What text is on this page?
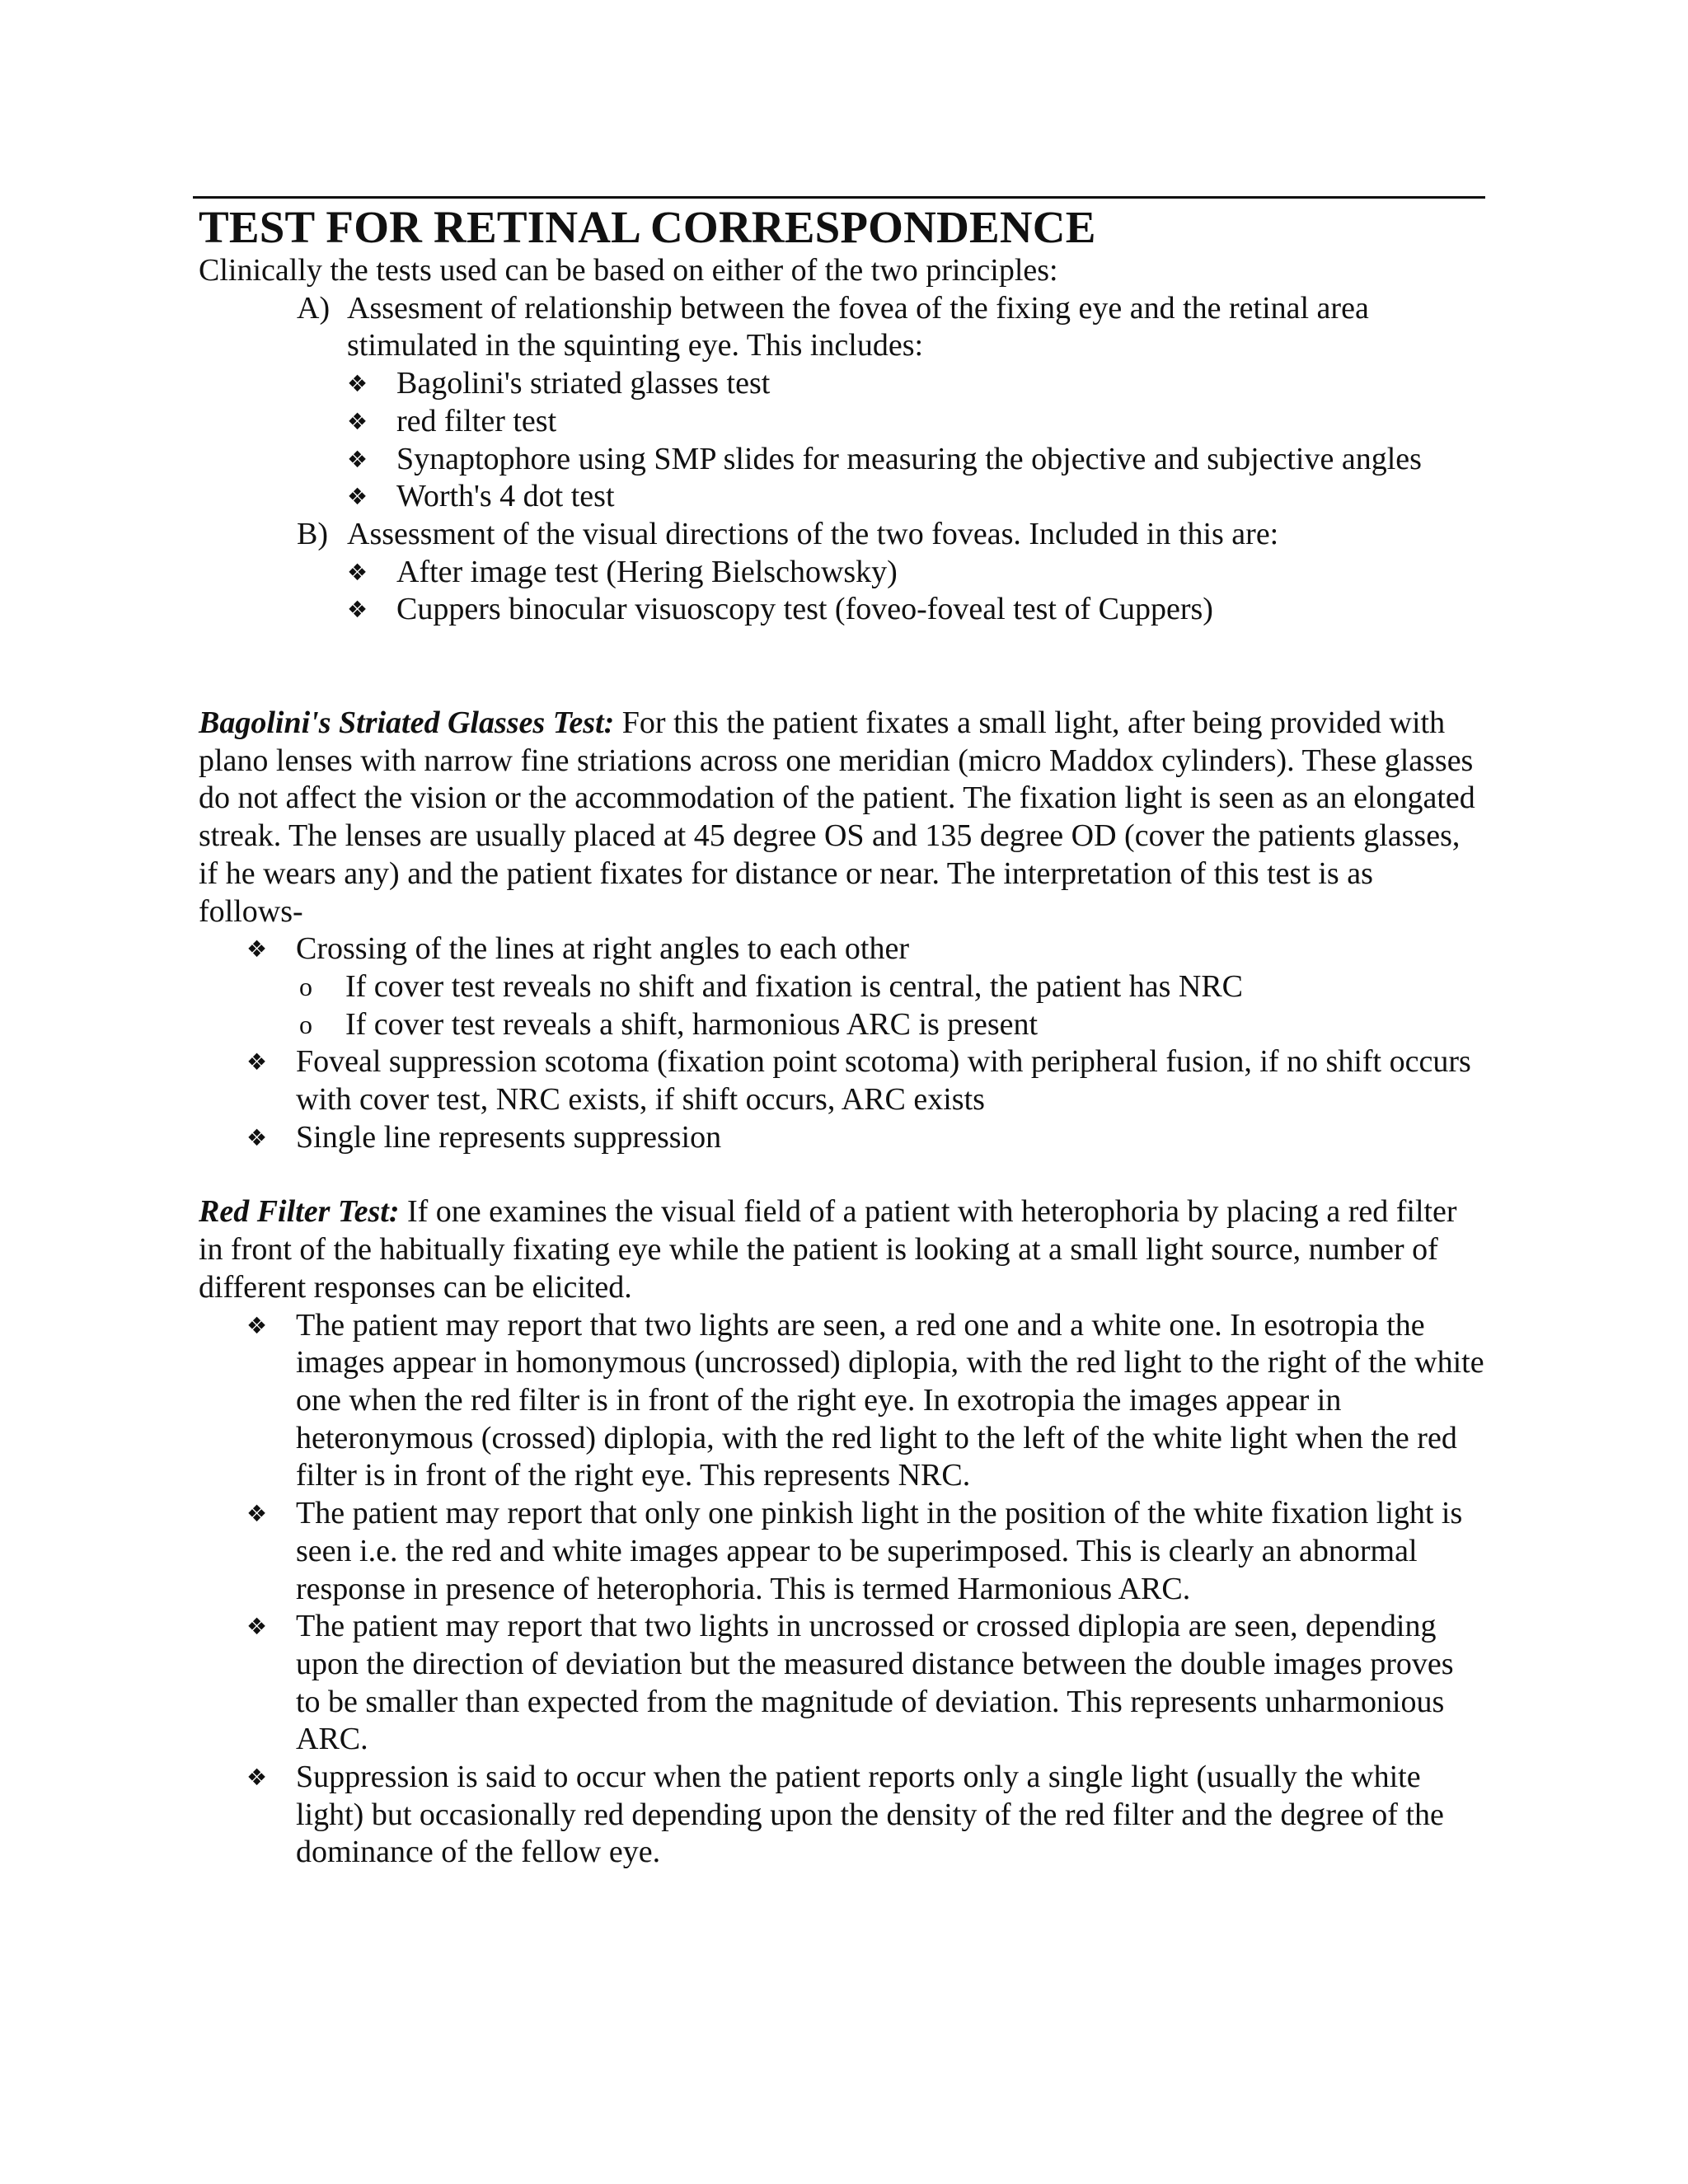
TEST FOR RETINAL CORRESPONDENCE

Clinically the tests used can be based on either of the two principles:

A) Assesment of relationship between the fovea of the fixing eye and the retinal area stimulated in the squinting eye. This includes:
❖ Bagolini's striated glasses test
❖ red filter test
❖ Synaptophore using SMP slides for measuring the objective and subjective angles
❖ Worth's 4 dot test
B) Assessment of the visual directions of the two foveas. Included in this are:
❖ After image test (Hering Bielschowsky)
❖ Cuppers binocular visuoscopy test (foveo-foveal test of Cuppers)

Bagolini's Striated Glasses Test: For this the patient fixates a small light, after being provided with plano lenses with narrow fine striations across one meridian (micro Maddox cylinders). These glasses do not affect the vision or the accommodation of the patient. The fixation light is seen as an elongated streak. The lenses are usually placed at 45 degree OS and 135 degree OD (cover the patients glasses, if he wears any) and the patient fixates for distance or near. The interpretation of this test is as follows-

❖ Crossing of the lines at right angles to each other
o If cover test reveals no shift and fixation is central, the patient has NRC
o If cover test reveals a shift, harmonious ARC is present
❖ Foveal suppression scotoma (fixation point scotoma) with peripheral fusion, if no shift occurs with cover test, NRC exists, if shift occurs, ARC exists
❖ Single line represents suppression

Red Filter Test: If one examines the visual field of a patient with heterophoria by placing a red filter in front of the habitually fixating eye while the patient is looking at a small light source, number of different responses can be elicited.

❖ The patient may report that two lights are seen, a red one and a white one. In esotropia the images appear in homonymous (uncrossed) diplopia, with the red light to the right of the white one when the red filter is in front of the right eye. In exotropia the images appear in heteronymous (crossed) diplopia, with the red light to the left of the white light when the red filter is in front of the right eye. This represents NRC.
❖ The patient may report that only one pinkish light in the position of the white fixation light is seen i.e. the red and white images appear to be superimposed. This is clearly an abnormal response in presence of heterophoria. This is termed Harmonious ARC.
❖ The patient may report that two lights in uncrossed or crossed diplopia are seen, depending upon the direction of deviation but the measured distance between the double images proves to be smaller than expected from the magnitude of deviation. This represents unharmonious ARC.
❖ Suppression is said to occur when the patient reports only a single light (usually the white light) but occasionally red depending upon the density of the red filter and the degree of the dominance of the fellow eye.
